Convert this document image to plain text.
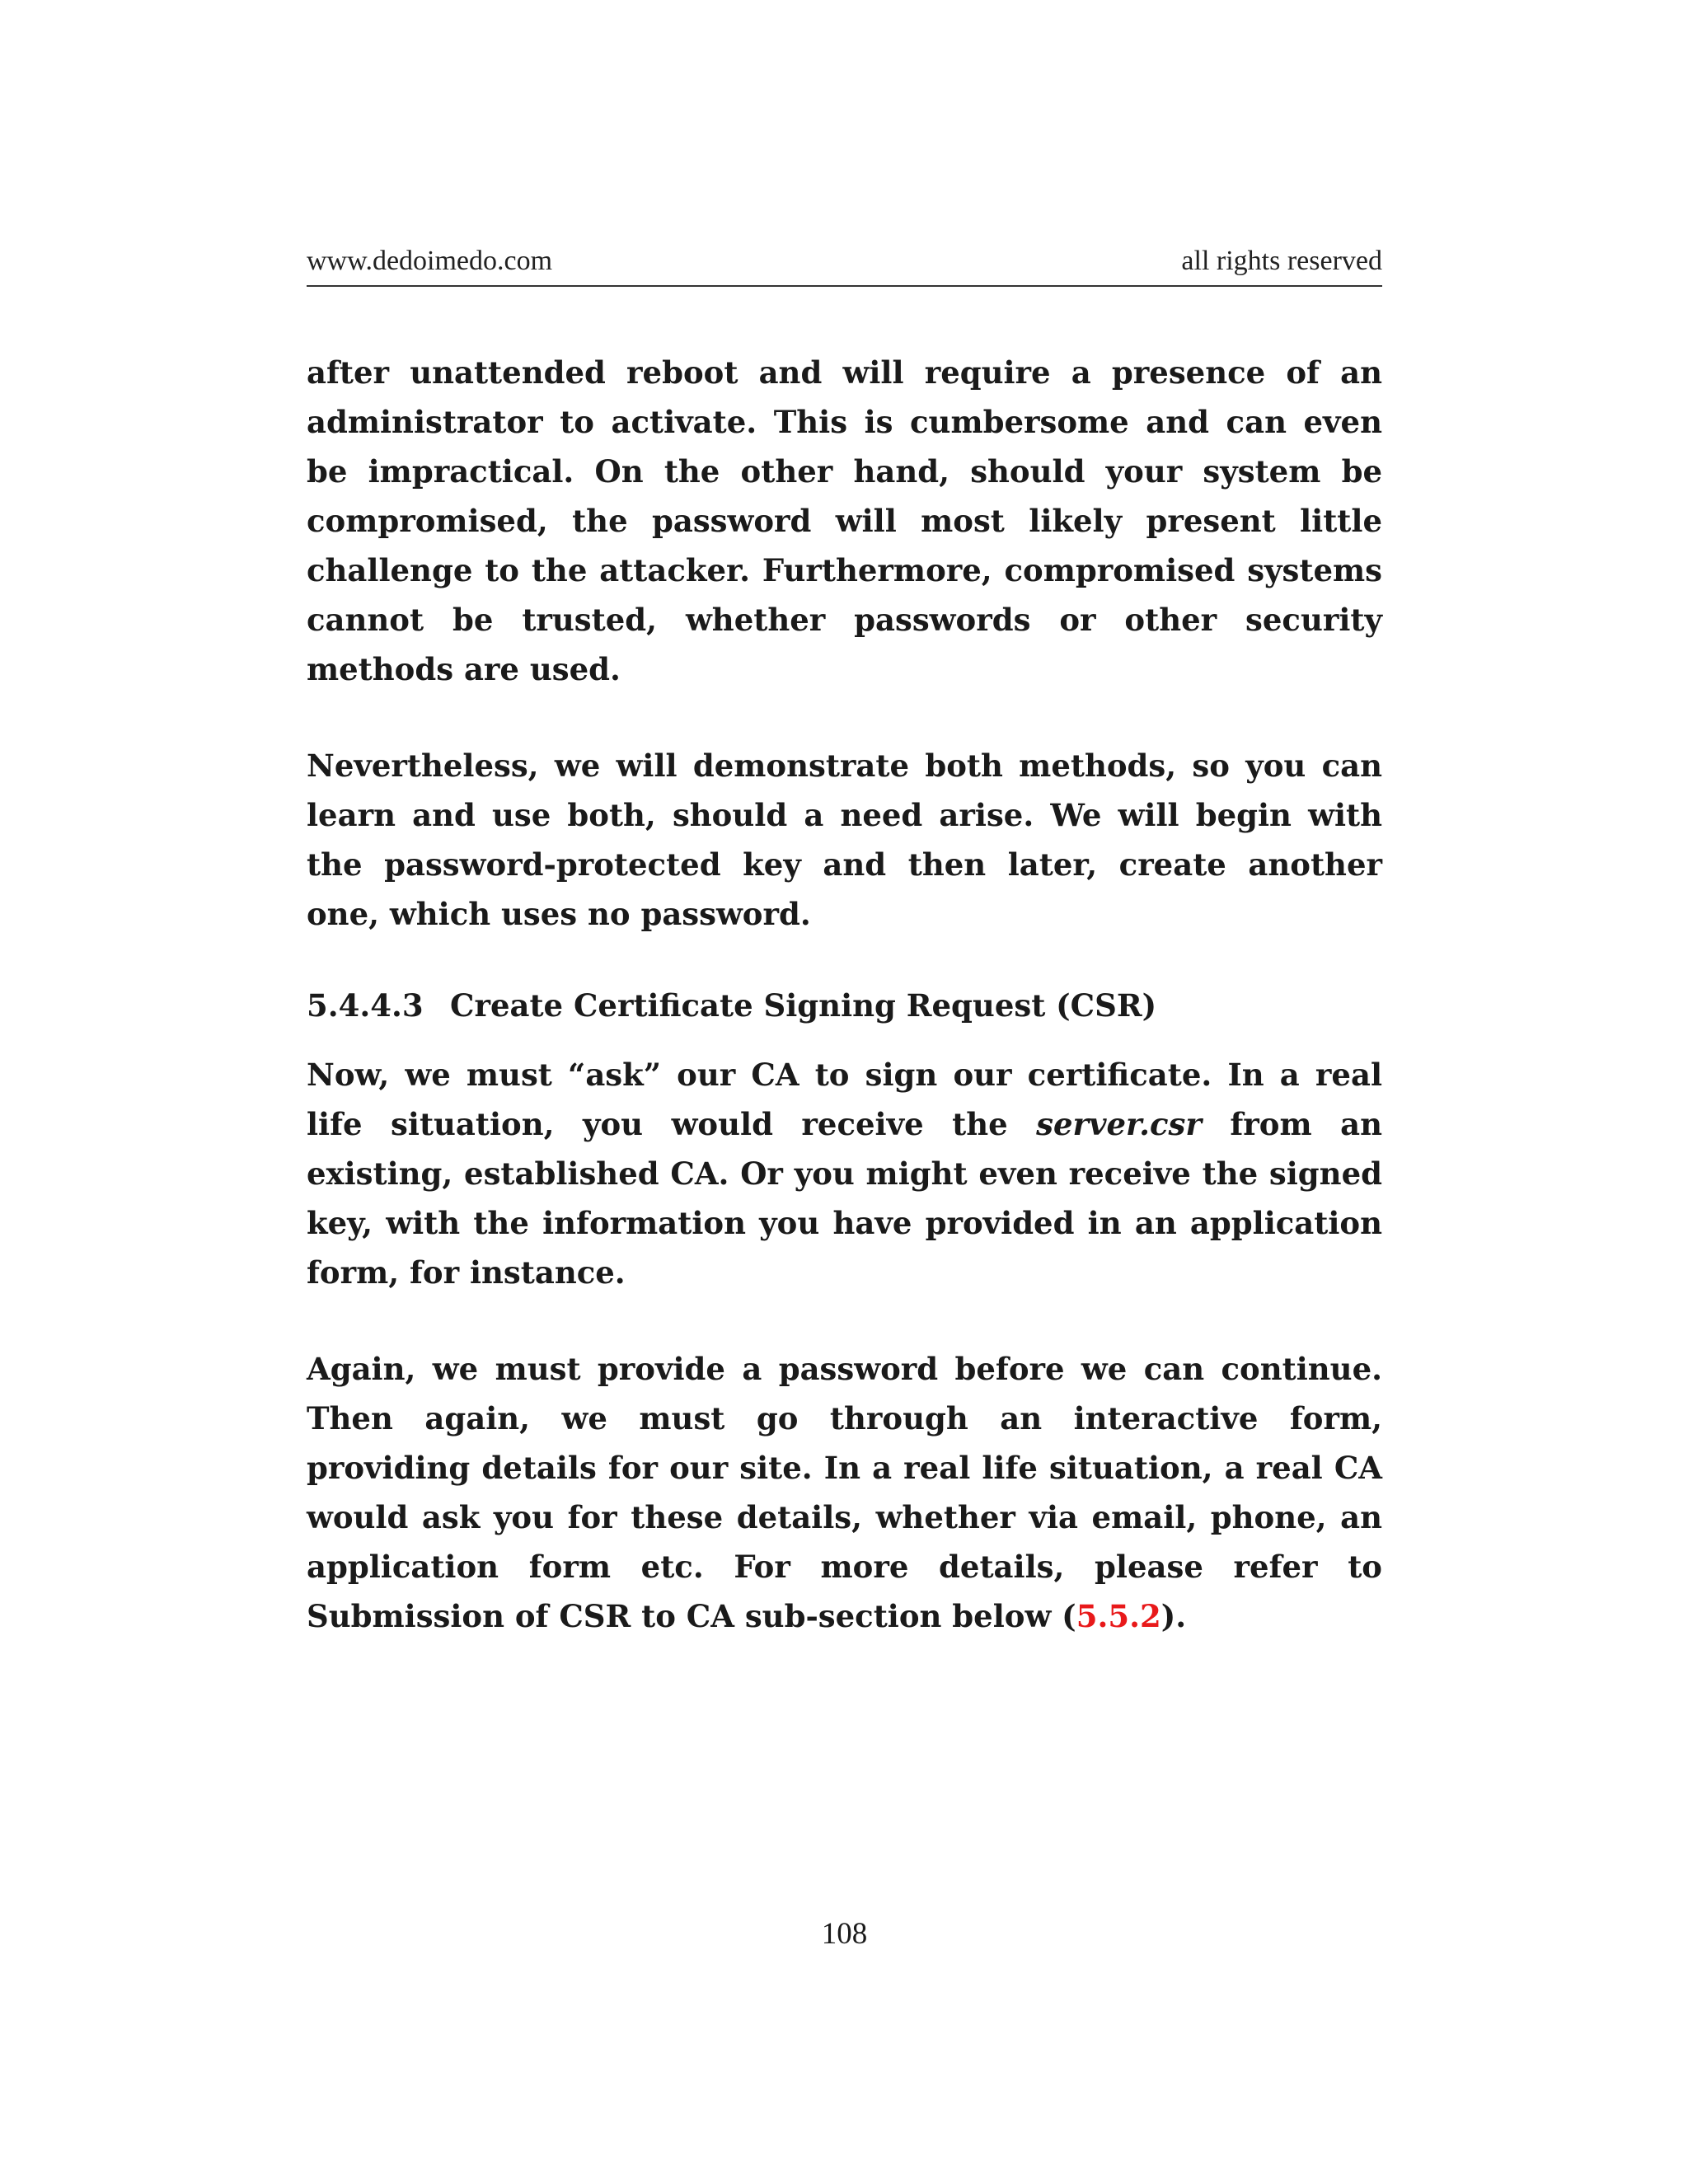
www.dedoimedo.com	all rights reserved

after unattended reboot and will require a presence of an administrator to activate. This is cumbersome and can even be impractical. On the other hand, should your system be compromised, the password will most likely present little challenge to the attacker. Furthermore, compromised systems cannot be trusted, whether passwords or other security methods are used.

Nevertheless, we will demonstrate both methods, so you can learn and use both, should a need arise. We will begin with the password-protected key and then later, create another one, which uses no password.

5.4.4.3 Create Certificate Signing Request (CSR)

Now, we must “ask” our CA to sign our certificate. In a real life situation, you would receive the server.csr from an existing, established CA. Or you might even receive the signed key, with the information you have provided in an application form, for instance.

Again, we must provide a password before we can continue. Then again, we must go through an interactive form, providing details for our site. In a real life situation, a real CA would ask you for these details, whether via email, phone, an application form etc. For more details, please refer to Submission of CSR to CA sub-section below (5.5.2).

108
